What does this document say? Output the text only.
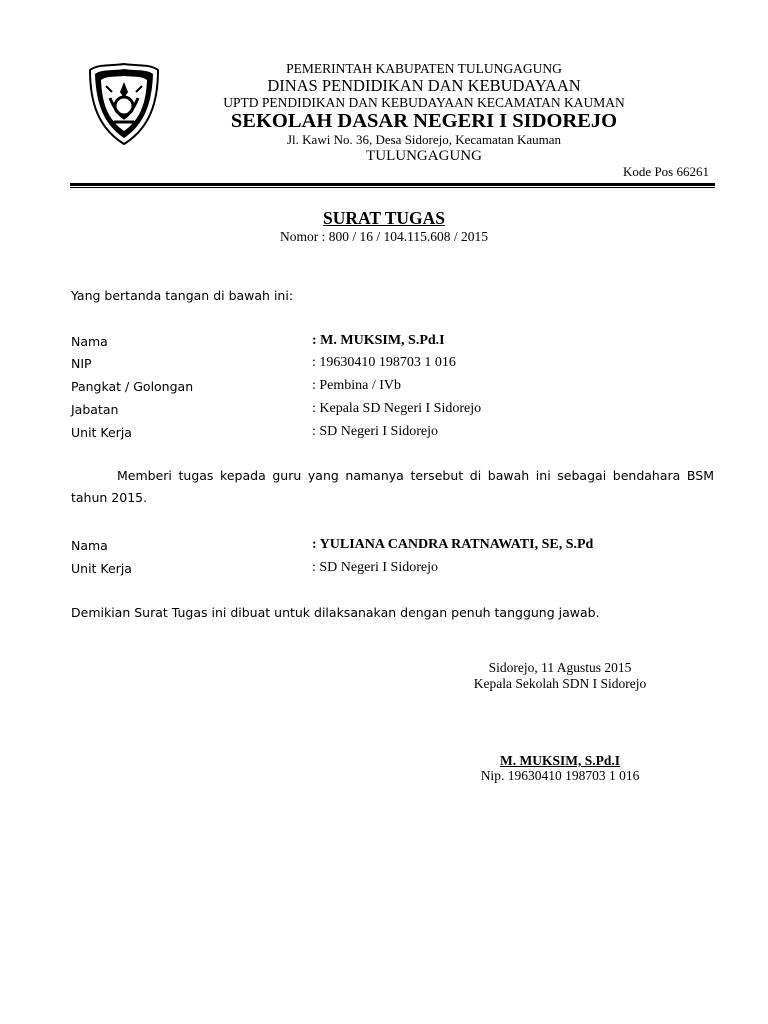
PEMERINTAH KABUPATEN TULUNGAGUNG
DINAS PENDIDIKAN DAN KEBUDAYAAN
UPTD PENDIDIKAN DAN KEBUDAYAAN KECAMATAN KAUMAN
SEKOLAH DASAR NEGERI I SIDOREJO
Jl. Kawi No. 36, Desa Sidorejo, Kecamatan Kauman
TULUNGAGUNG
Kode Pos 66261
SURAT TUGAS
Nomor : 800 / 16 / 104.115.608 / 2015
Yang bertanda tangan di bawah ini:
Nama	: M. MUKSIM, S.Pd.I
NIP	: 19630410 198703 1 016
Pangkat / Golongan	: Pembina / IVb
Jabatan	: Kepala SD Negeri I Sidorejo
Unit Kerja	: SD Negeri I Sidorejo
Memberi tugas kepada guru yang namanya tersebut di bawah ini sebagai bendahara BSM tahun 2015.
Nama	: YULIANA CANDRA RATNAWATI, SE, S.Pd
Unit Kerja	: SD Negeri I Sidorejo
Demikian Surat Tugas ini dibuat untuk dilaksanakan dengan penuh tanggung jawab.
Sidorejo, 11 Agustus 2015
Kepala Sekolah SDN I Sidorejo
M. MUKSIM, S.Pd.I
Nip. 19630410 198703 1 016
